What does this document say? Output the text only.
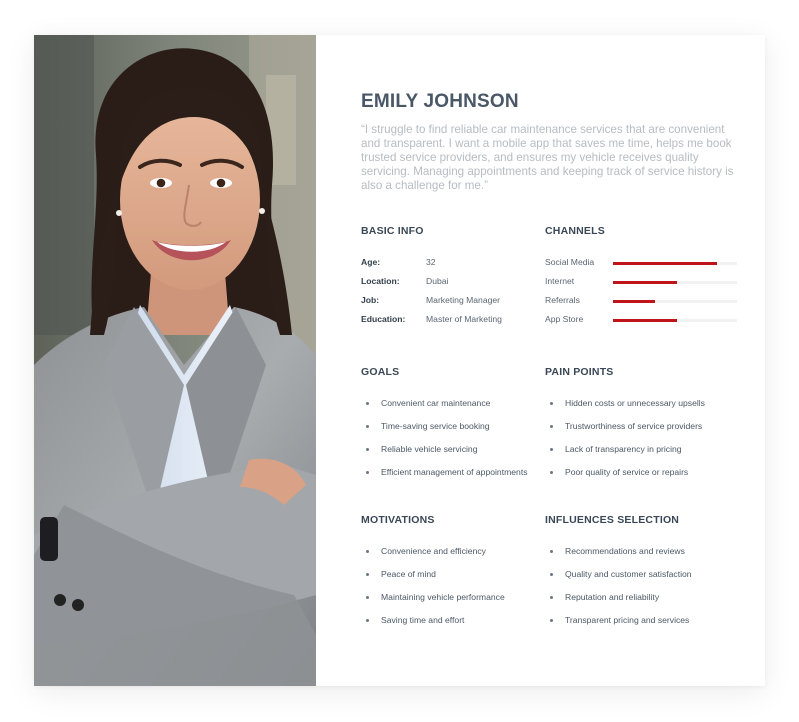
EMILY JOHNSON

“I struggle to find reliable car maintenance services that are convenient and transparent. I want a mobile app that saves me time, helps me book trusted service providers, and ensures my vehicle receives quality servicing. Managing appointments and keeping track of service history is also a challenge for me.”

BASIC INFO
Age:	32
Location:	Dubai
Job:	Marketing Manager
Education: Master of Marketing
CHANNELS
Social Media
Internet
Referrals
App Store
GOALS
Convenient car maintenance
Time-saving service booking
Reliable vehicle servicing
Efficient management of appointments
PAIN POINTS
Hidden costs or unnecessary upsells
Trustworthiness of service providers
Lack of transparency in pricing
Poor quality of service or repairs
MOTIVATIONS
Convenience and efficiency
Peace of mind
Maintaining vehicle performance
Saving time and effort
INFLUENCES SELECTION
Recommendations and reviews
Quality and customer satisfaction
Reputation and reliability
Transparent pricing and services
